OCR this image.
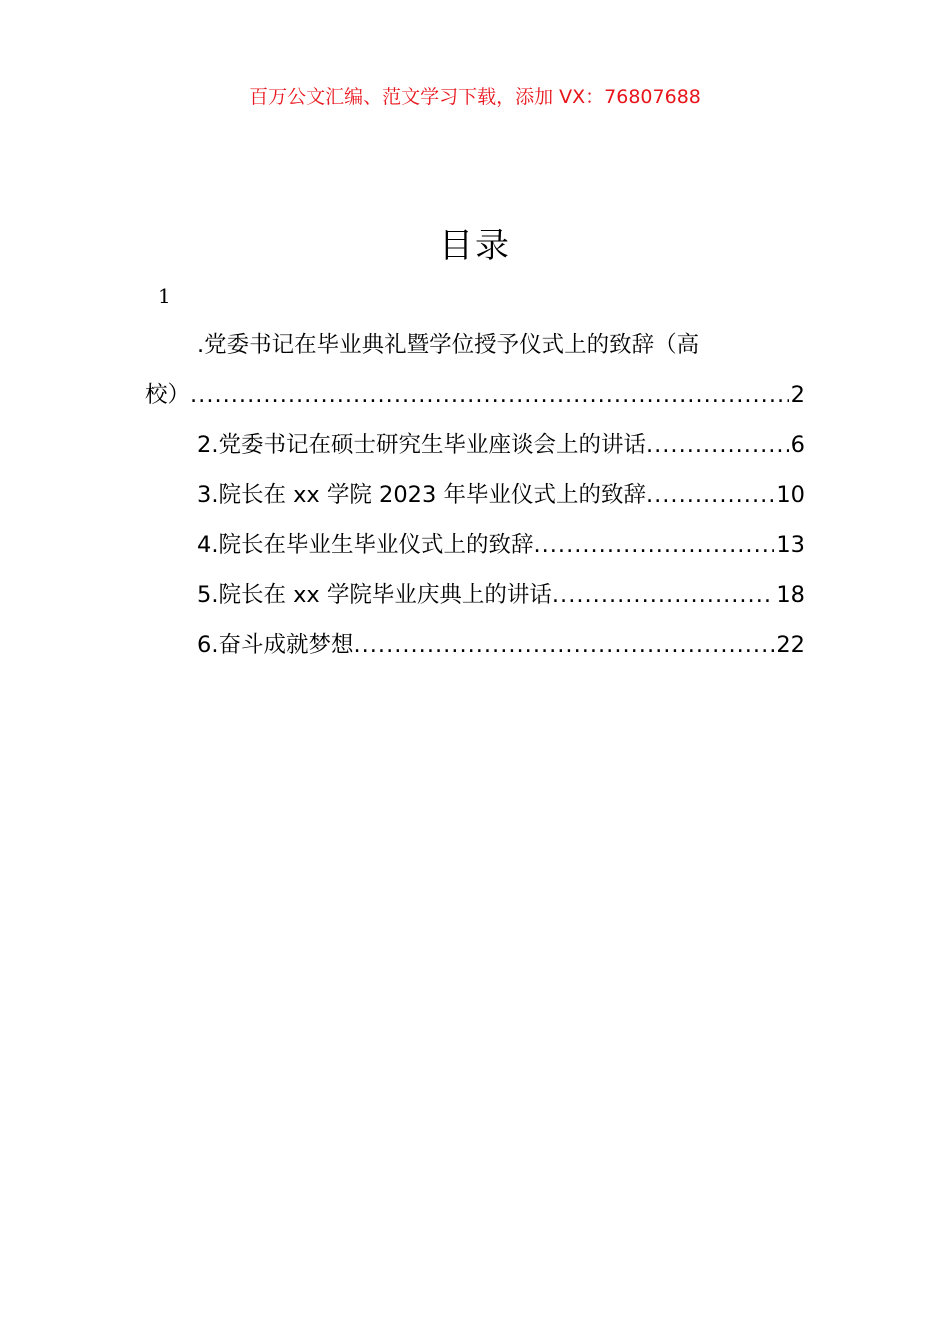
百万公文汇编、范文学习下载，添加 VX：76807688
目录
1
.党委书记在毕业典礼暨学位授予仪式上的致辞（高
校） .....	2
2.党委书记在硕士研究生毕业座谈会上的讲话 .....	6
3.院长在 xx 学院 2023 年毕业仪式上的致辞 .....	10
4.院长在毕业生毕业仪式上的致辞 .....	13
5.院长在 xx 学院毕业庆典上的讲话 .....	18
6.奋斗成就梦想 .....	22
